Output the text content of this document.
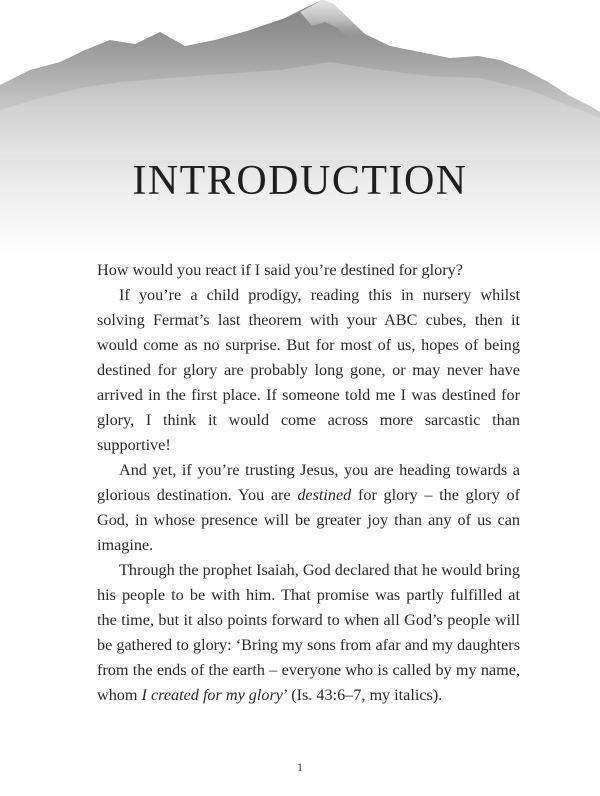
INTRODUCTION

How would you react if I said you’re destined for glory?

If you’re a child prodigy, reading this in nursery whilst solving Fermat’s last theorem with your ABC cubes, then it would come as no surprise. But for most of us, hopes of being destined for glory are probably long gone, or may never have arrived in the first place. If someone told me I was destined for glory, I think it would come across more sarcastic than supportive!

And yet, if you’re trusting Jesus, you are heading towards a glorious destination. You are destined for glory – the glory of God, in whose presence will be greater joy than any of us can imagine.

Through the prophet Isaiah, God declared that he would bring his people to be with him. That promise was partly fulfilled at the time, but it also points forward to when all God’s people will be gathered to glory: ‘Bring my sons from afar and my daughters from the ends of the earth – everyone who is called by my name, whom I created for my glory’ (Is. 43:6–7, my italics).

1
